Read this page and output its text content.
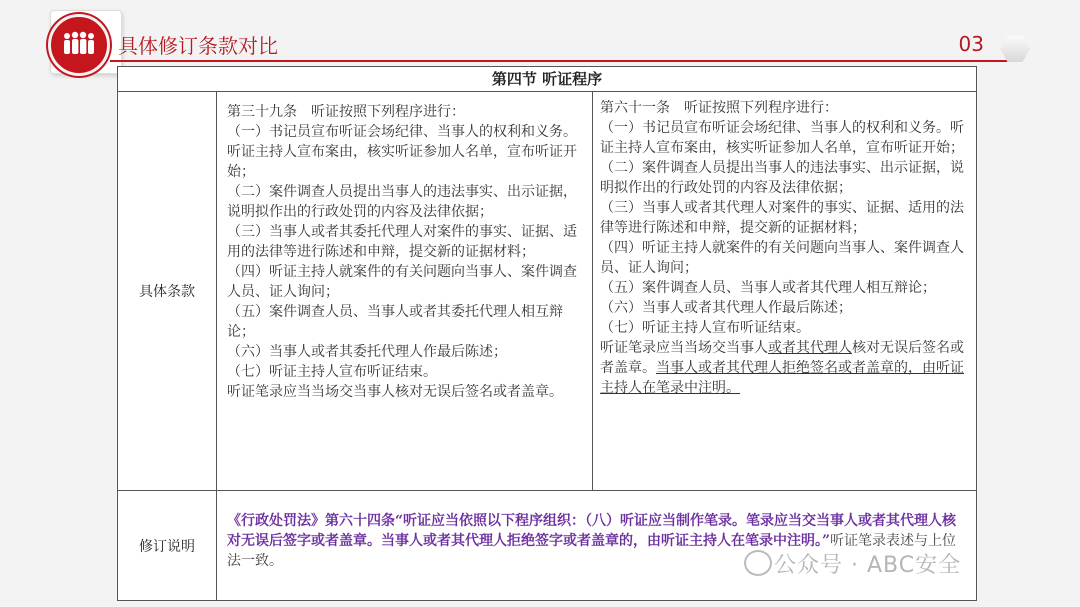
具体修订条款对比	03
第四节 听证程序
具体条款

第三十九条　听证按照下列程序进行：

（一）书记员宣布听证会场纪律、当事人的权利和义务。听证主持人宣布案由，核实听证参加人名单，宣布听证开始；

（二）案件调查人员提出当事人的违法事实、出示证据，说明拟作出的行政处罚的内容及法律依据；

（三）当事人或者其委托代理人对案件的事实、证据、适用的法律等进行陈述和申辩，提交新的证据材料；

（四）听证主持人就案件的有关问题向当事人、案件调查人员、证人询问；

（五）案件调查人员、当事人或者其委托代理人相互辩论；

（六）当事人或者其委托代理人作最后陈述；

（七）听证主持人宣布听证结束。

听证笔录应当当场交当事人核对无误后签名或者盖章。

第六十一条　听证按照下列程序进行：

（一）书记员宣布听证会场纪律、当事人的权利和义务。听证主持人宣布案由，核实听证参加人名单，宣布听证开始；

（二）案件调查人员提出当事人的违法事实、出示证据，说明拟作出的行政处罚的内容及法律依据；

（三）当事人或者其代理人对案件的事实、证据、适用的法律等进行陈述和申辩，提交新的证据材料；

（四）听证主持人就案件的有关问题向当事人、案件调查人员、证人询问；

（五）案件调查人员、当事人或者其代理人相互辩论；

（六）当事人或者其代理人作最后陈述；

（七）听证主持人宣布听证结束。

听证笔录应当当场交当事人或者其代理人核对无误后签名或者盖章。当事人或者其代理人拒绝签名或者盖章的，由听证主持人在笔录中注明。

修订说明
《行政处罚法》第六十四条“听证应当依照以下程序组织：（八）听证应当制作笔录。笔录应当交当事人或者其代理人核对无误后签字或者盖章。当事人或者其代理人拒绝签字或者盖章的，由听证主持人在笔录中注明。”听证笔录表述与上位法一致。	公众号 · ABC安全
